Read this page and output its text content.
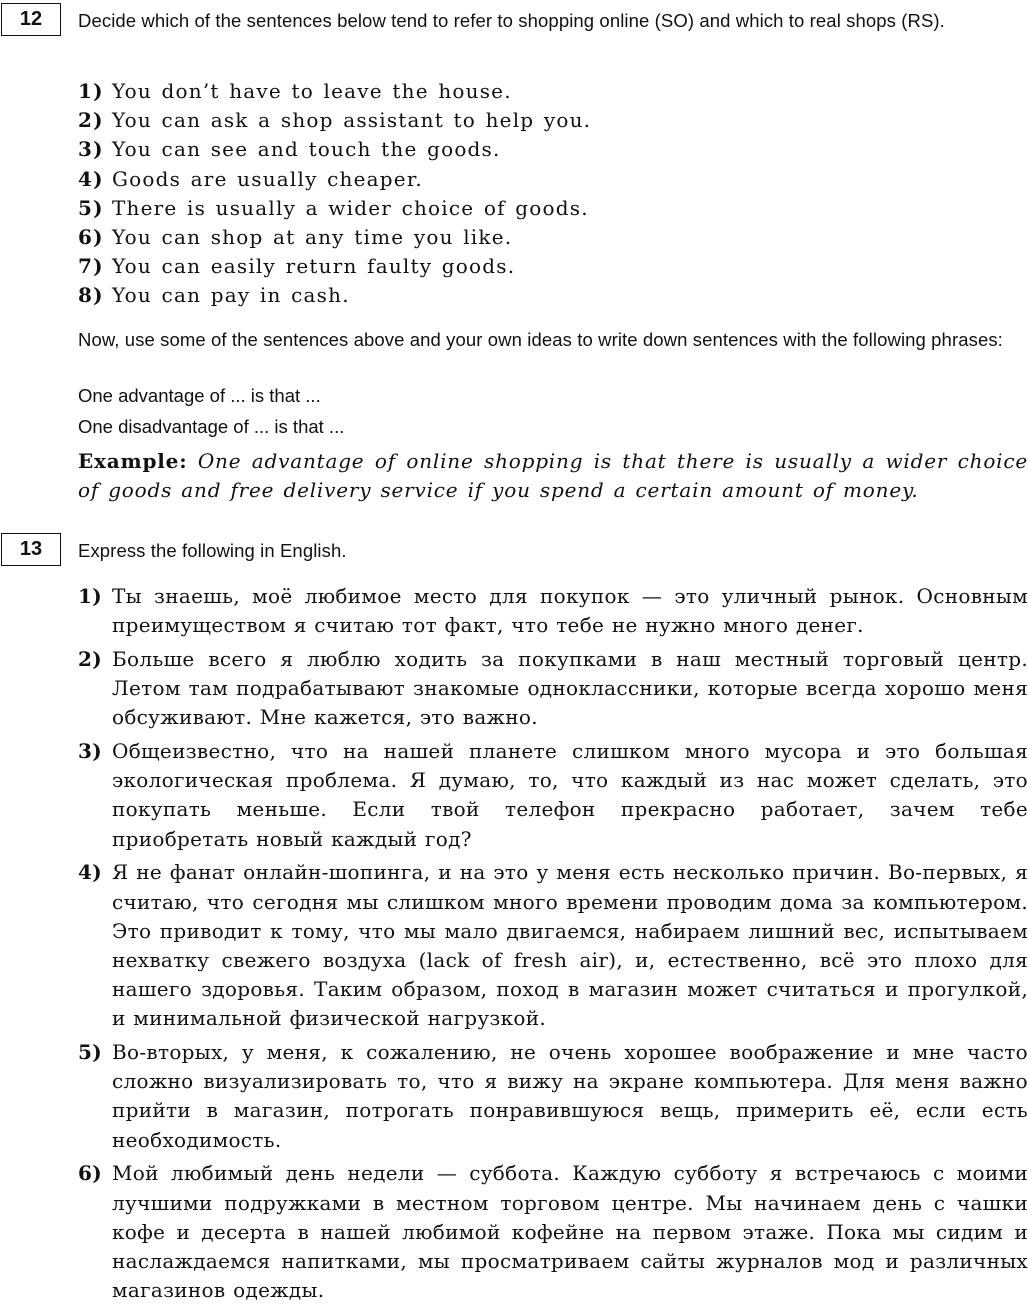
12	Decide which of the sentences below tend to refer to shopping online (SO) and which to real shops (RS).
1) You don’t have to leave the house.
2) You can ask a shop assistant to help you.
3) You can see and touch the goods.
4) Goods are usually cheaper.
5) There is usually a wider choice of goods.
6) You can shop at any time you like.
7) You can easily return faulty goods.
8) You can pay in cash.
Now, use some of the sentences above and your own ideas to write down sentences with the following phrases:
One advantage of ... is that ...
One disadvantage of ... is that ...
Example: One advantage of online shopping is that there is usually a wider choice of goods and free delivery service if you spend a certain amount of money.
13	Express the following in English.
1) Ты знаешь, моё любимое место для покупок — это уличный рынок. Основным преимуществом я считаю тот факт, что тебе не нужно много денег.
2) Больше всего я люблю ходить за покупками в наш местный торговый центр. Летом там подрабатывают знакомые одноклассники, которые всегда хорошо меня обсуживают. Мне кажется, это важно.
3) Общеизвестно, что на нашей планете слишком много мусора и это большая экологическая проблема. Я думаю, то, что каждый из нас может сделать, это покупать меньше. Если твой телефон прекрасно работает, зачем тебе приобретать новый каждый год?
4) Я не фанат онлайн-шопинга, и на это у меня есть несколько причин. Во-первых, я считаю, что сегодня мы слишком много времени проводим дома за компьютером. Это приводит к тому, что мы мало двигаемся, набираем лишний вес, испытываем нехватку свежего воздуха (lack of fresh air), и, естественно, всё это плохо для нашего здоровья. Таким образом, поход в магазин может считаться и прогулкой, и минимальной физической нагрузкой.
5) Во-вторых, у меня, к сожалению, не очень хорошее воображение и мне часто сложно визуализировать то, что я вижу на экране компьютера. Для меня важно прийти в магазин, потрогать понравившуюся вещь, примерить её, если есть необходимость.
6) Мой любимый день недели — суббота. Каждую субботу я встречаюсь с моими лучшими подружками в местном торговом центре. Мы начинаем день с чашки кофе и десерта в нашей любимой кофейне на первом этаже. Пока мы сидим и наслаждаемся напитками, мы просматриваем сайты журналов мод и различных магазинов одежды.
